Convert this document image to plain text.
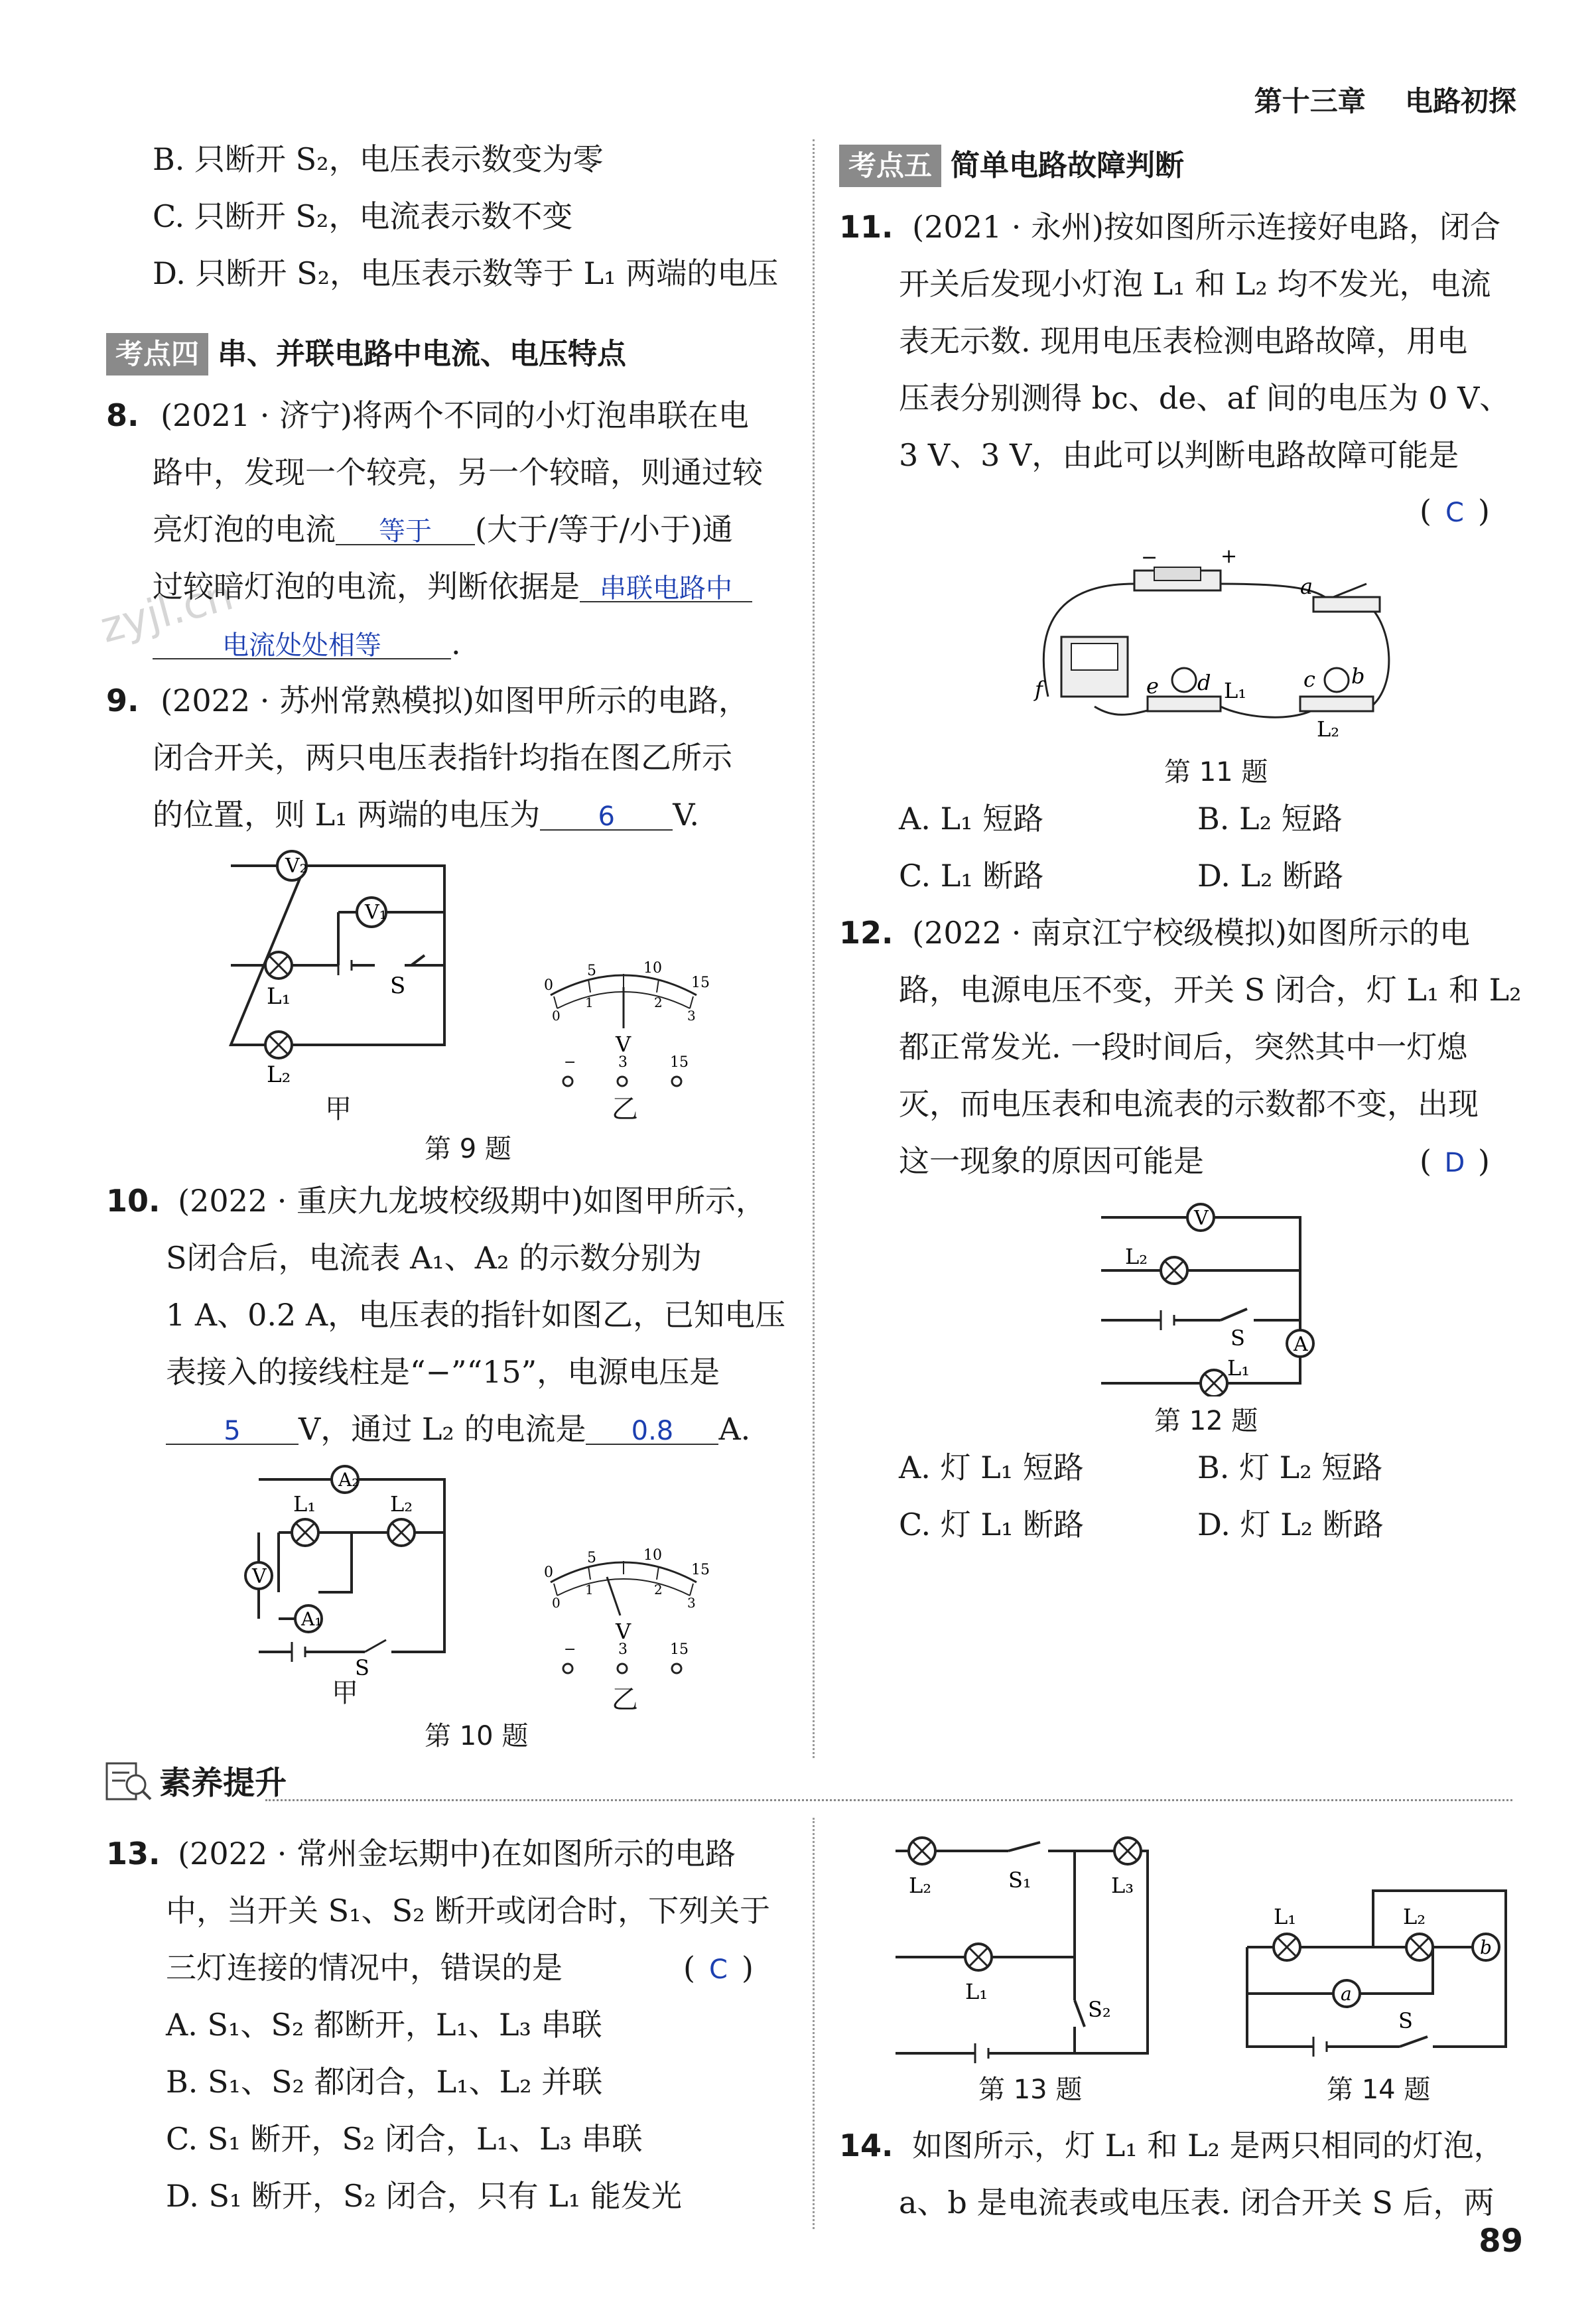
第十三章 电路初探
zyjl.cn
B. 只断开 S₂，电压表示数变为零
C. 只断开 S₂，电流表示数不变
D. 只断开 S₂，电压表示数等于 L₁ 两端的电压
考点四 串、并联电路中电流、电压特点
8. (2021 · 济宁)将两个不同的小灯泡串联在电
路中，发现一个较亮，另一个较暗，则通过较
亮灯泡的电流 等于 (大于/等于/小于)通
过较暗灯泡的电流，判断依据是 串联电路中
电流处处相等 .
9. (2022 · 苏州常熟模拟)如图甲所示的电路，
闭合开关，两只电压表指针均指在图乙所示
的位置，则 L₁ 两端的电压为 6 V.
V₂
V₁
L₁
L₂
S
甲
0
5	10
15
0
1	2
3
V
−	3	15
乙
第 9 题
10. (2022 · 重庆九龙坡校级期中)如图甲所示，
S闭合后，电流表 A₁、A₂ 的示数分别为
1 A、0.2 A，电压表的指针如图乙，已知电压
表接入的接线柱是“−”“15”，电源电压是
5 V，通过 L₂ 的电流是 0.8 A.
A₂
A₁
V
L₁	L₂
S
甲
0
5	10
15
0
1	2
3
V
−	3	15
乙
第 10 题
考点五 简单电路故障判断
11. (2021 · 永州)按如图所示连接好电路，闭合
开关后发现小灯泡 L₁ 和 L₂ 均不发光，电流
表无示数. 现用电压表检测电路故障，用电
压表分别测得 bc、de、af 间的电压为 0 V、
3 V、3 V，由此可以判断电路故障可能是
( C )
−	+
a
f	e d L₁	c b
L₂
第 11 题
A. L₁ 短路	B. L₂ 短路
C. L₁ 断路	D. L₂ 断路
12. (2022 · 南京江宁校级模拟)如图所示的电
路，电源电压不变，开关 S 闭合，灯 L₁ 和 L₂
都正常发光. 一段时间后，突然其中一灯熄
灭，而电压表和电流表的示数都不变，出现
这一现象的原因可能是	( D )
V
A
L₂
L₁
S
第 12 题
A. 灯 L₁ 短路	B. 灯 L₂ 短路
C. 灯 L₁ 断路	D. 灯 L₂ 断路
素养提升
13. (2022 · 常州金坛期中)在如图所示的电路
中，当开关 S₁、S₂ 断开或闭合时，下列关于
三灯连接的情况中，错误的是	( C )
A. S₁、S₂ 都断开，L₁、L₃ 串联
B. S₁、S₂ 都闭合，L₁、L₂ 并联
C. S₁ 断开，S₂ 闭合，L₁、L₃ 串联
D. S₁ 断开，S₂ 闭合，只有 L₁ 能发光
L₂	S₁	L₃
L₁
S₂
第 13 题
L₁	L₂
b
a
S
第 14 题
14. 如图所示，灯 L₁ 和 L₂ 是两只相同的灯泡，
a、b 是电流表或电压表. 闭合开关 S 后，两
89
